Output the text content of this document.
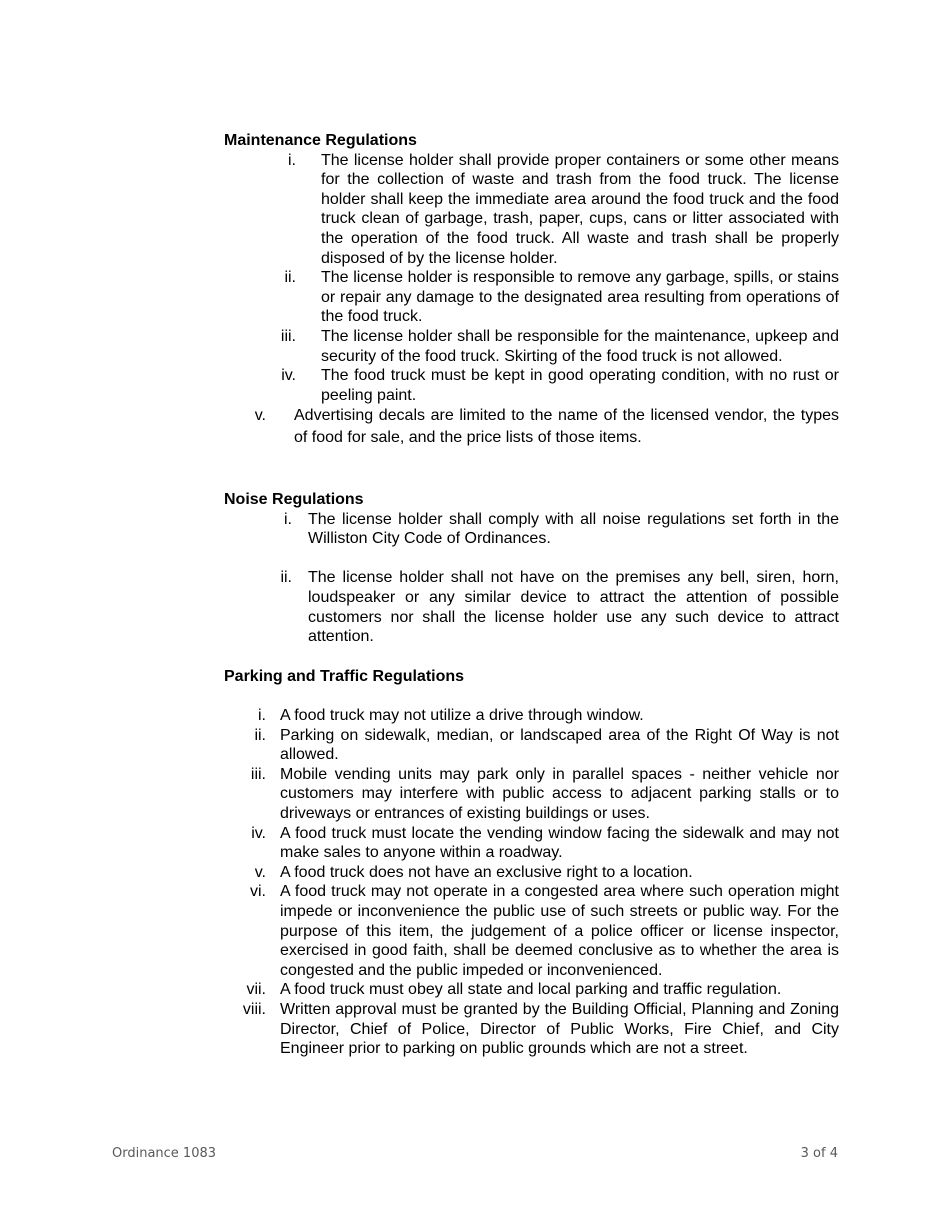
Maintenance Regulations
i. The license holder shall provide proper containers or some other means for the collection of waste and trash from the food truck. The license holder shall keep the immediate area around the food truck and the food truck clean of garbage, trash, paper, cups, cans or litter associated with the operation of the food truck. All waste and trash shall be properly disposed of by the license holder.
ii. The license holder is responsible to remove any garbage, spills, or stains or repair any damage to the designated area resulting from operations of the food truck.
iii. The license holder shall be responsible for the maintenance, upkeep and security of the food truck. Skirting of the food truck is not allowed.
iv. The food truck must be kept in good operating condition, with no rust or peeling paint.
v. Advertising decals are limited to the name of the licensed vendor, the types of food for sale, and the price lists of those items.
Noise Regulations
i. The license holder shall comply with all noise regulations set forth in the Williston City Code of Ordinances.
ii. The license holder shall not have on the premises any bell, siren, horn, loudspeaker or any similar device to attract the attention of possible customers nor shall the license holder use any such device to attract attention.
Parking and Traffic Regulations
i. A food truck may not utilize a drive through window.
ii. Parking on sidewalk, median, or landscaped area of the Right Of Way is not allowed.
iii. Mobile vending units may park only in parallel spaces - neither vehicle nor customers may interfere with public access to adjacent parking stalls or to driveways or entrances of existing buildings or uses.
iv. A food truck must locate the vending window facing the sidewalk and may not make sales to anyone within a roadway.
v. A food truck does not have an exclusive right to a location.
vi. A food truck may not operate in a congested area where such operation might impede or inconvenience the public use of such streets or public way. For the purpose of this item, the judgement of a police officer or license inspector, exercised in good faith, shall be deemed conclusive as to whether the area is congested and the public impeded or inconvenienced.
vii. A food truck must obey all state and local parking and traffic regulation.
viii. Written approval must be granted by the Building Official, Planning and Zoning Director, Chief of Police, Director of Public Works, Fire Chief, and City Engineer prior to parking on public grounds which are not a street.
Ordinance 1083	3 of 4
